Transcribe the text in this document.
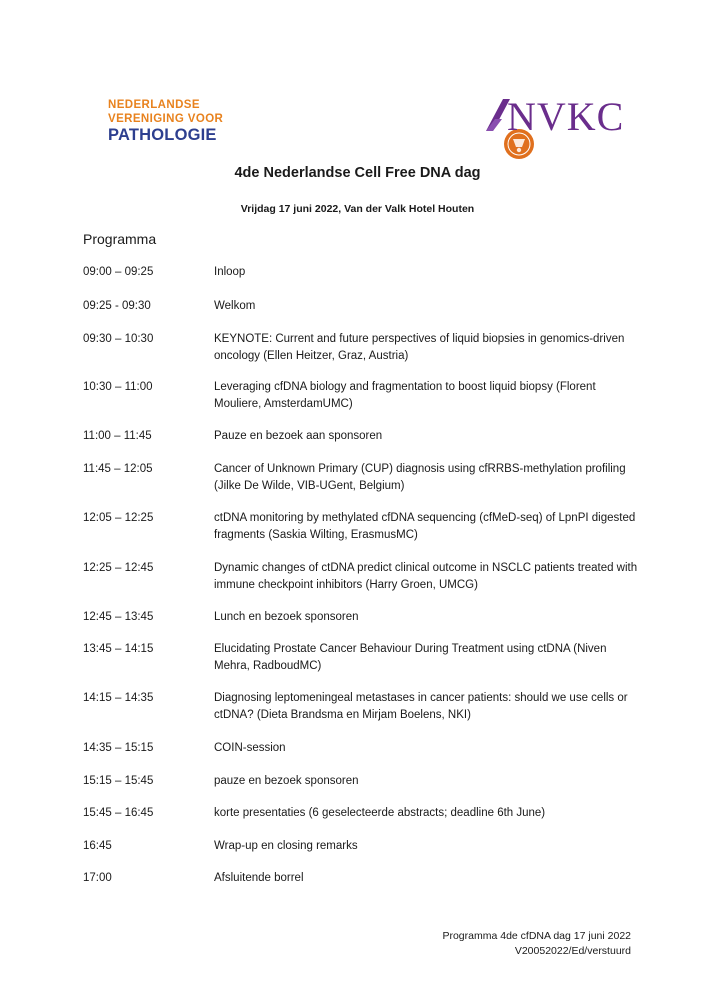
NEDERLANDSE
VERENIGING VOOR
PATHOLOGIE	NVKC
4de Nederlandse Cell Free DNA dag
Vrijdag 17 juni 2022, Van der Valk Hotel Houten
Programma
09:00 – 09:25	Inloop
09:25 - 09:30	Welkom
09:30 – 10:30	KEYNOTE: Current and future perspectives of liquid biopsies in genomics-driven oncology (Ellen Heitzer, Graz, Austria)
10:30 – 11:00	Leveraging cfDNA biology and fragmentation to boost liquid biopsy (Florent Mouliere, AmsterdamUMC)
11:00 – 11:45	Pauze en bezoek aan sponsoren
11:45 – 12:05	Cancer of Unknown Primary (CUP) diagnosis using cfRRBS-methylation profiling (Jilke De Wilde, VIB-UGent, Belgium)
12:05 – 12:25	ctDNA monitoring by methylated cfDNA sequencing (cfMeD-seq) of LpnPI digested fragments (Saskia Wilting, ErasmusMC)
12:25 – 12:45	Dynamic changes of ctDNA predict clinical outcome in NSCLC patients treated with immune checkpoint inhibitors (Harry Groen, UMCG)
12:45 – 13:45	Lunch en bezoek sponsoren
13:45 – 14:15	Elucidating Prostate Cancer Behaviour During Treatment using ctDNA (Niven Mehra, RadboudMC)
14:15 – 14:35	Diagnosing leptomeningeal metastases in cancer patients: should we use cells or ctDNA? (Dieta Brandsma en Mirjam Boelens, NKI)
14:35 – 15:15	COIN-session
15:15 – 15:45	pauze en bezoek sponsoren
15:45 – 16:45	korte presentaties (6 geselecteerde abstracts; deadline 6th June)
16:45	Wrap-up en closing remarks
17:00	Afsluitende borrel
Programma 4de cfDNA dag 17 juni 2022
V20052022/Ed/verstuurd
